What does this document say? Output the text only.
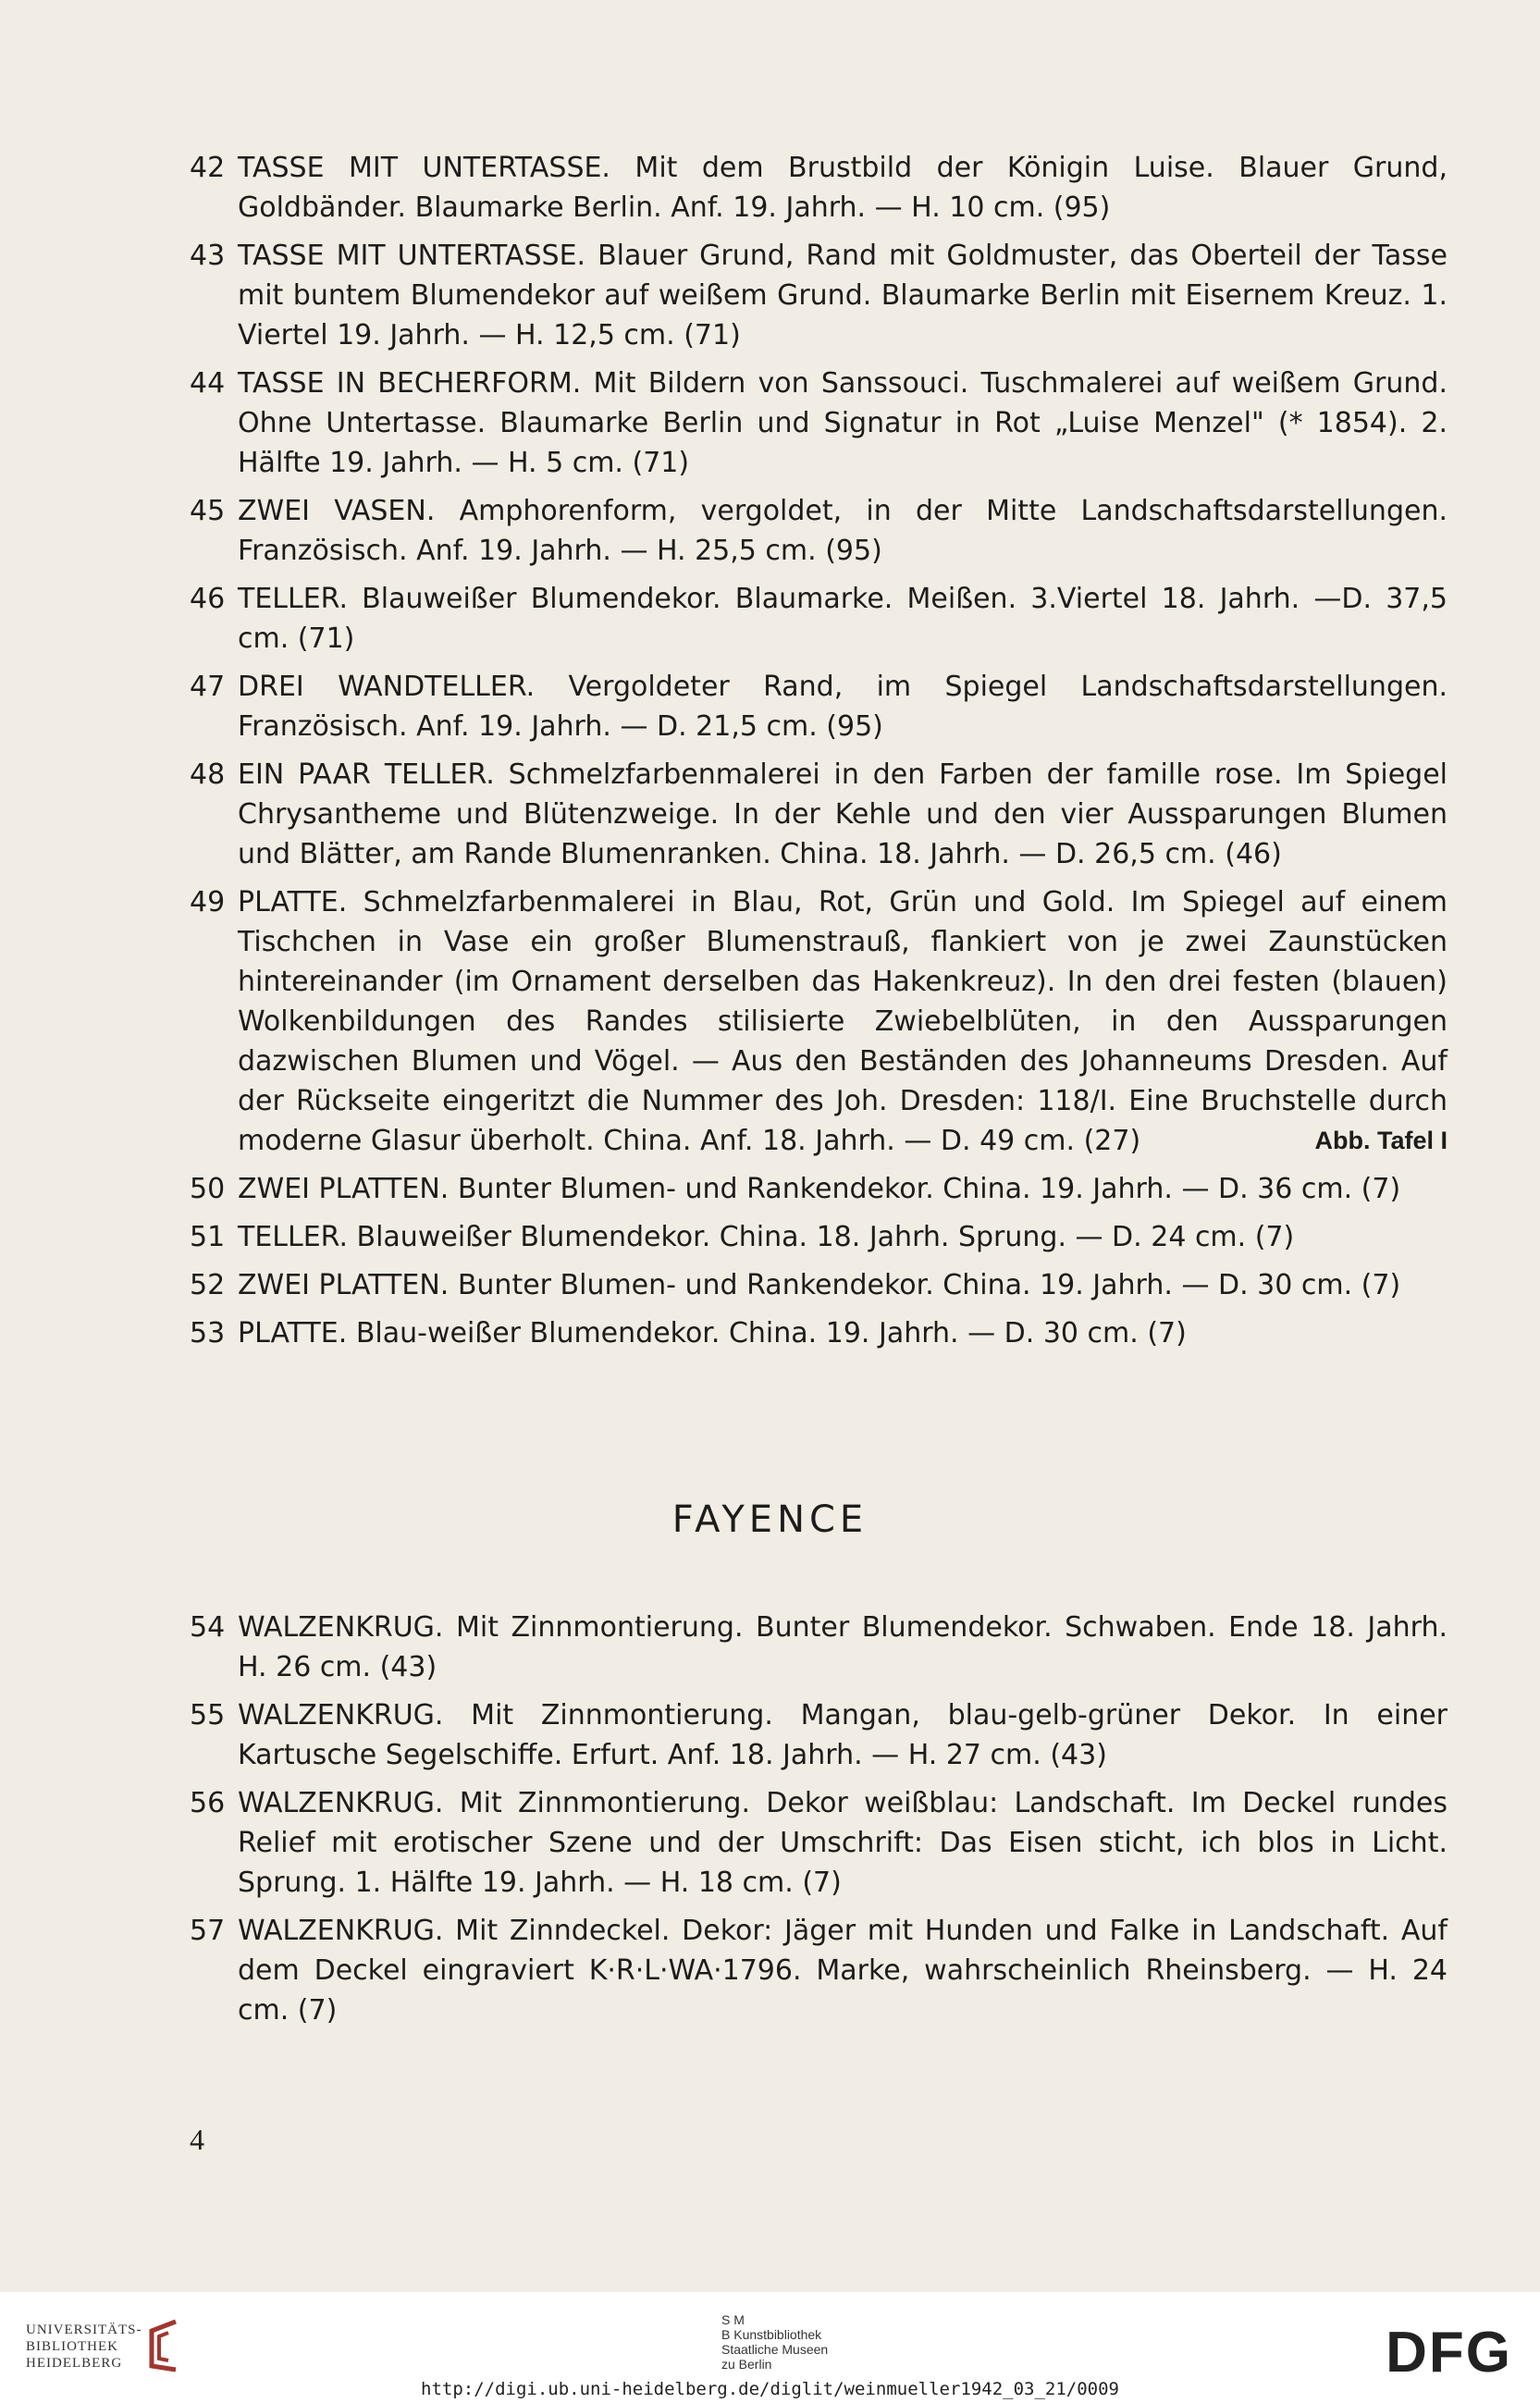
42 TASSE MIT UNTERTASSE. Mit dem Brustbild der Königin Luise. Blauer Grund, Goldbänder. Blaumarke Berlin. Anf. 19. Jahrh. — H. 10 cm. (95)
43 TASSE MIT UNTERTASSE. Blauer Grund, Rand mit Goldmuster, das Oberteil der Tasse mit buntem Blumendekor auf weißem Grund. Blaumarke Berlin mit Eisernem Kreuz. 1. Viertel 19. Jahrh. — H. 12,5 cm. (71)
44 TASSE IN BECHERFORM. Mit Bildern von Sanssouci. Tuschmalerei auf weißem Grund. Ohne Untertasse. Blaumarke Berlin und Signatur in Rot „Luise Menzel" (* 1854). 2. Hälfte 19. Jahrh. — H. 5 cm. (71)
45 ZWEI VASEN. Amphorenform, vergoldet, in der Mitte Landschaftsdarstellungen. Französisch. Anf. 19. Jahrh. — H. 25,5 cm. (95)
46 TELLER. Blauweißer Blumendekor. Blaumarke. Meißen. 3.Viertel 18. Jahrh. —D. 37,5 cm. (71)
47 DREI WANDTELLER. Vergoldeter Rand, im Spiegel Landschaftsdarstellungen. Französisch. Anf. 19. Jahrh. — D. 21,5 cm. (95)
48 EIN PAAR TELLER. Schmelzfarbenmalerei in den Farben der famille rose. Im Spiegel Chrysantheme und Blütenzweige. In der Kehle und den vier Aussparungen Blumen und Blätter, am Rande Blumenranken. China. 18. Jahrh. — D. 26,5 cm. (46)
49 PLATTE. Schmelzfarbenmalerei in Blau, Rot, Grün und Gold. Im Spiegel auf einem Tischchen in Vase ein großer Blumenstrauß, flankiert von je zwei Zaunstücken hintereinander (im Ornament derselben das Hakenkreuz). In den drei festen (blauen) Wolkenbildungen des Randes stilisierte Zwiebelblüten, in den Aussparungen dazwischen Blumen und Vögel. — Aus den Beständen des Johanneums Dresden. Auf der Rückseite eingeritzt die Nummer des Joh. Dresden: 118/I. Eine Bruchstelle durch moderne Glasur überholt. China. Anf. 18. Jahrh. — D. 49 cm. (27)	Abb. Tafel I
50 ZWEI PLATTEN. Bunter Blumen- und Rankendekor. China. 19. Jahrh. — D. 36 cm. (7)
51 TELLER. Blauweißer Blumendekor. China. 18. Jahrh. Sprung. — D. 24 cm. (7)
52 ZWEI PLATTEN. Bunter Blumen- und Rankendekor. China. 19. Jahrh. — D. 30 cm. (7)
53 PLATTE. Blau-weißer Blumendekor. China. 19. Jahrh. — D. 30 cm. (7)
FAYENCE
54 WALZENKRUG. Mit Zinnmontierung. Bunter Blumendekor. Schwaben. Ende 18. Jahrh. H. 26 cm. (43)
55 WALZENKRUG. Mit Zinnmontierung. Mangan, blau-gelb-grüner Dekor. In einer Kartusche Segelschiffe. Erfurt. Anf. 18. Jahrh. — H. 27 cm. (43)
56 WALZENKRUG. Mit Zinnmontierung. Dekor weißblau: Landschaft. Im Deckel rundes Relief mit erotischer Szene und der Umschrift: Das Eisen sticht, ich blos in Licht. Sprung. 1. Hälfte 19. Jahrh. — H. 18 cm. (7)
57 WALZENKRUG. Mit Zinndeckel. Dekor: Jäger mit Hunden und Falke in Landschaft. Auf dem Deckel eingraviert K·R·L·WA·1796. Marke, wahrscheinlich Rheinsberg. — H. 24 cm. (7)
4
UNIVERSITÄTS-
BIBLIOTHEK
HEIDELBERG
S M
B Kunstbibliothek
Staatliche Museen
zu Berlin	DFG
http://digi.ub.uni-heidelberg.de/diglit/weinmueller1942_03_21/0009
